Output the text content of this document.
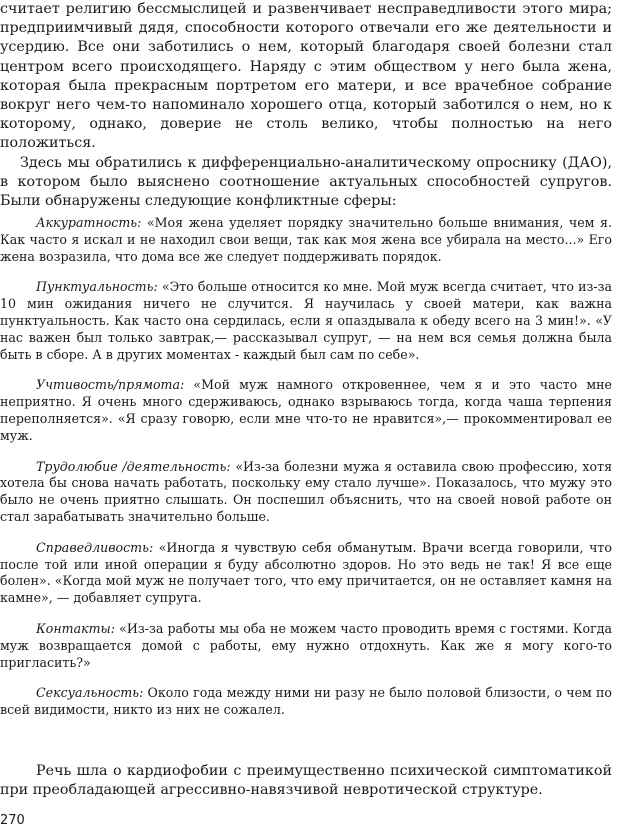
считает религию бессмыслицей и развенчивает несправедливости этого мира; предприимчивый дядя, способности которого отвечали его же деятельности и усердию. Все они заботились о нем, который благодаря своей болезни стал центром всего происходящего. Наряду с этим обществом у него была жена, которая была прекрасным портретом его матери, и все врачебное собрание вокруг него чем-то напоминало хорошего отца, который заботился о нем, но к которому, однако, доверие не столь велико, чтобы полностью на него положиться.

Здесь мы обратились к дифференциально-аналитическому опроснику (ДАО), в котором было выяснено соотношение актуальных способностей супругов. Были обнаружены следующие конфликтные сферы:

Аккуратность: «Моя жена уделяет порядку значительно больше внимания, чем я. Как часто я искал и не находил свои вещи, так как моя жена все убирала на место...» Его жена возразила, что дома все же следует поддерживать порядок.

Пунктуальность: «Это больше относится ко мне. Мой муж всегда считает, что из-за 10 мин ожидания ничего не случится. Я научилась у своей матери, как важна пунктуальность. Как часто она сердилась, если я опаздывала к обеду всего на 3 мин!». «У нас важен был только завтрак,— рассказывал супруг, — на нем вся семья должна была быть в сборе. А в других моментах - каждый был сам по себе».

Учтивость/прямота: «Мой муж намного откровеннее, чем я и это часто мне неприятно. Я очень много сдерживаюсь, однако взрываюсь тогда, когда чаша терпения переполняется». «Я сразу говорю, если мне что-то не нравится»,— прокомментировал ее муж.

Трудолюбие /деятельность: «Из-за болезни мужа я оставила свою профессию, хотя хотела бы снова начать работать, поскольку ему стало лучше». Показалось, что мужу это было не очень приятно слышать. Он поспешил объяснить, что на своей новой работе он стал зарабатывать значительно больше.

Справедливость: «Иногда я чувствую себя обманутым. Врачи всегда говорили, что после той или иной операции я буду абсолютно здоров. Но это ведь не так! Я все еще болен». «Когда мой муж не получает того, что ему причитается, он не оставляет камня на камне», — добавляет супруга.

Контакты: «Из-за работы мы оба не можем часто проводить время с гостями. Когда муж возвращается домой с работы, ему нужно отдохнуть. Как же я могу кого-то пригласить?»

Сексуальность: Около года между ними ни разу не было половой близости, о чем по всей видимости, никто из них не сожалел.

Речь шла о кардиофобии с преимущественно психической симптоматикой при преобладающей агрессивно-навязчивой невротической структуре.

270
